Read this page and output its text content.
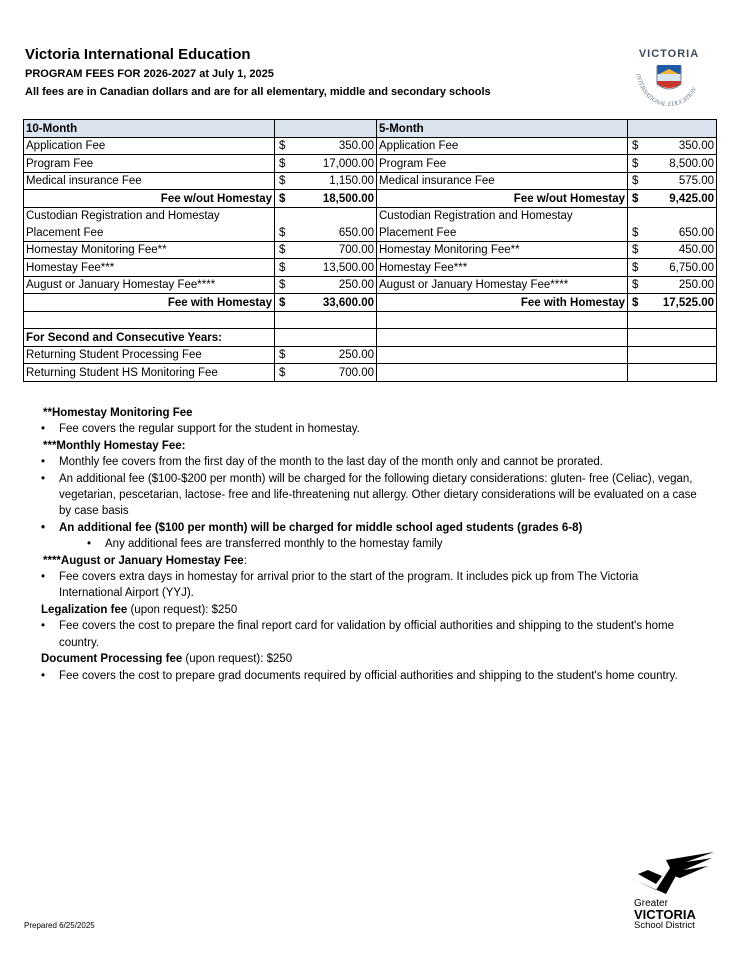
Victoria International Education
PROGRAM FEES FOR 2026-2027 at July 1, 2025
All fees are in Canadian dollars and are for all elementary, middle and secondary schools
VICTORIA
INTERNATIONAL EDUCATION
10-Month		5-Month	
Application Fee	$ 350.00	Application Fee	$ 350.00
Program Fee	$ 17,000.00	Program Fee	$ 8,500.00
Medical insurance Fee	$ 1,150.00	Medical insurance Fee	$ 575.00
Fee w/out Homestay	$ 18,500.00	Fee w/out Homestay	$ 9,425.00
Custodian Registration and Homestay		Custodian Registration and Homestay	
Placement Fee	$ 650.00	Placement Fee	$ 650.00
Homestay Monitoring Fee**	$ 700.00	Homestay Monitoring Fee**	$ 450.00
Homestay Fee***	$ 13,500.00	Homestay Fee***	$ 6,750.00
August or January Homestay Fee****	$ 250.00	August or January Homestay Fee****	$ 250.00
Fee with Homestay	$ 33,600.00	Fee with Homestay	$ 17,525.00

For Second and Consecutive Years:			
Returning Student Processing Fee	$ 250.00		
Returning Student HS Monitoring Fee	$ 700.00		
**Homestay Monitoring Fee
• Fee covers the regular support for the student in homestay.
***Monthly Homestay Fee:
• Monthly fee covers from the first day of the month to the last day of the month only and cannot be prorated.
• An additional fee ($100-$200 per month) will be charged for the following dietary considerations: gluten- free (Celiac), vegan, vegetarian, pescetarian, lactose- free and life-threatening nut allergy. Other dietary considerations will be evaluated on a case by case basis
• An additional fee ($100 per month) will be charged for middle school aged students (grades 6-8)
• Any additional fees are transferred monthly to the homestay family
****August or January Homestay Fee:
• Fee covers extra days in homestay for arrival prior to the start of the program. It includes pick up from The Victoria International Airport (YYJ).
Legalization fee (upon request): $250
• Fee covers the cost to prepare the final report card for validation by official authorities and shipping to the student's home country.
Document Processing fee (upon request): $250
• Fee covers the cost to prepare grad documents required by official authorities and shipping to the student's home country.
Prepared 6/25/2025
Greater
VICTORIA
School District
